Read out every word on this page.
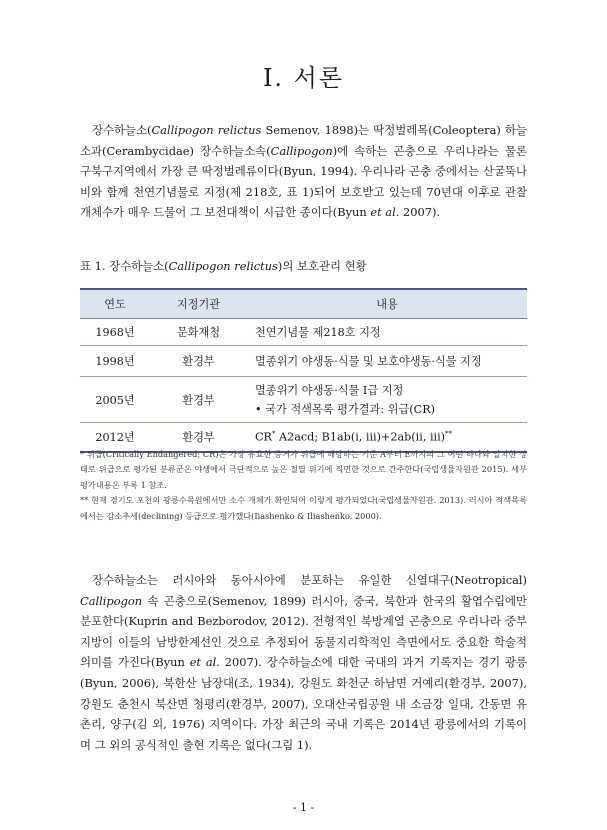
Ⅰ. 서론

장수하늘소(Callipogon relictus Semenov, 1898)는 딱정벌레목(Coleoptera) 하늘소과(Cerambycidae) 장수하늘소속(Callipogon)에 속하는 곤충으로 우리나라는 물론 구북구지역에서 가장 큰 딱정벌레류이다(Byun, 1994). 우리나라 곤충 중에서는 산굴뚝나비와 함께 천연기념물로 지정(제 218호, 표 1)되어 보호받고 있는데 70년대 이후로 관찰개체수가 매우 드물어 그 보전대책이 시급한 종이다(Byun et al. 2007).

표 1. 장수하늘소(Callipogon relictus)의 보호관리 현황
연도	지정기관	내용
1968년	문화재청	천연기념물 제218호 지정
1998년	환경부	멸종위기 야생동·식물 및 보호야생동·식물 지정
2005년	환경부	멸종위기 야생동·식물 Ⅰ급 지정
• 국가 적색목록 평가결과: 위급(CR)

2012년	환경부	CR* A2acd; B1ab(i, iii)+2ab(ii, iii)**

* 위급(Critically Endangered; CR)은 가장 유효한 증거가 위급에 해당하는 기준 A부터 E까지의 그 어떤 하나와 일치한 상태로 위급으로 평가된 분류군은 야생에서 극단적으로 높은 절멸 위기에 직면한 것으로 간주한다(국립생물자원관 2015). 세부 평가내용은 부록 1 참조.

** 현재 경기도 포천의 광릉수목원에서만 소수 개체가 확인되어 이렇게 평가되었다(국립생물자원관. 2013). 러시아 적색목록에서는 감소추세(declining) 등급으로 평가했다(Iiashenko & Iliashenko. 2000).

장수하늘소는 러시아와 동아시아에 분포하는 유일한 신열대구(Neotropical) Callipogon 속 곤충으로(Semenov, 1899) 러시아, 중국, 북한과 한국의 활엽수림에만 분포한다(Kuprin and Bezborodov, 2012). 전형적인 북방계열 곤충으로 우리나라 중부지방이 이들의 남방한계선인 것으로 추정되어 동물지리학적인 측면에서도 중요한 학술적 의미를 가진다(Byun et al. 2007). 장수하늘소에 대한 국내의 과거 기록지는 경기 광릉(Byun, 2006), 북한산 남장대(조, 1934), 강원도 화천군 하남면 거예리(환경부, 2007), 강원도 춘천시 북산면 청평리(환경부, 2007), 오대산국립공원 내 소금강 일대, 간동면 유촌리, 양구(김 외, 1976) 지역이다. 가장 최근의 국내 기록은 2014년 광릉에서의 기록이며 그 외의 공식적인 출현 기록은 없다(그림 1).

- 1 -
